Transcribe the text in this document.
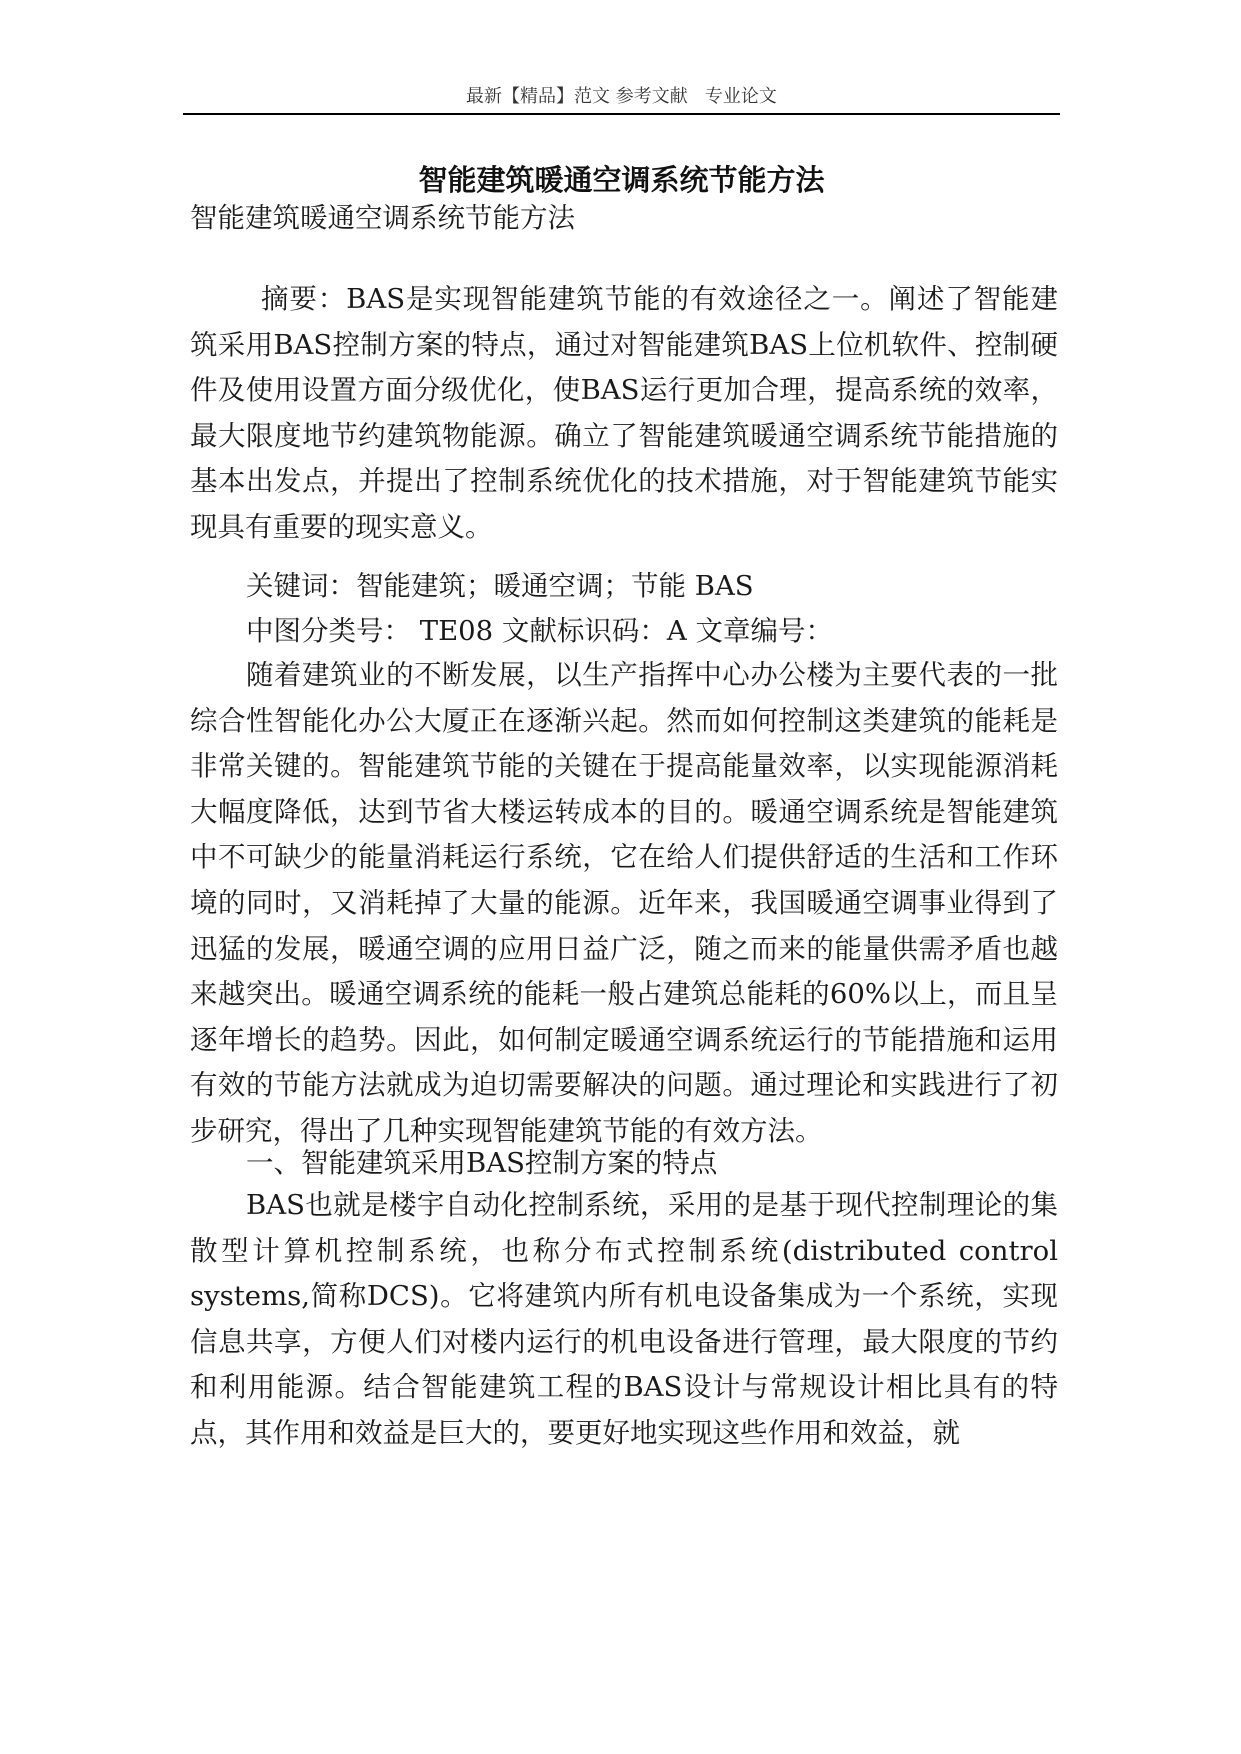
最新【精品】范文 参考文献   专业论文
智能建筑暖通空调系统节能方法
智能建筑暖通空调系统节能方法
摘要：BAS是实现智能建筑节能的有效途径之一。阐述了智能建筑采用BAS控制方案的特点，通过对智能建筑BAS上位机软件、控制硬件及使用设置方面分级优化，使BAS运行更加合理，提高系统的效率，最大限度地节约建筑物能源。确立了智能建筑暖通空调系统节能措施的基本出发点，并提出了控制系统优化的技术措施，对于智能建筑节能实现具有重要的现实意义。
关键词：智能建筑；暖通空调；节能 BAS
中图分类号： TE08 文献标识码：A 文章编号：
随着建筑业的不断发展，以生产指挥中心办公楼为主要代表的一批综合性智能化办公大厦正在逐渐兴起。然而如何控制这类建筑的能耗是非常关键的。智能建筑节能的关键在于提高能量效率，以实现能源消耗大幅度降低，达到节省大楼运转成本的目的。暖通空调系统是智能建筑中不可缺少的能量消耗运行系统，它在给人们提供舒适的生活和工作环境的同时，又消耗掉了大量的能源。近年来，我国暖通空调事业得到了迅猛的发展，暖通空调的应用日益广泛，随之而来的能量供需矛盾也越来越突出。暖通空调系统的能耗一般占建筑总能耗的60%以上，而且呈逐年增长的趋势。因此，如何制定暖通空调系统运行的节能措施和运用有效的节能方法就成为迫切需要解决的问题。通过理论和实践进行了初步研究，得出了几种实现智能建筑节能的有效方法。
一、智能建筑采用BAS控制方案的特点
BAS也就是楼宇自动化控制系统，采用的是基于现代控制理论的集散型计算机控制系统，也称分布式控制系统(distributed control systems,简称DCS)。它将建筑内所有机电设备集成为一个系统，实现信息共享，方便人们对楼内运行的机电设备进行管理，最大限度的节约和利用能源。结合智能建筑工程的BAS设计与常规设计相比具有的特点，其作用和效益是巨大的，要更好地实现这些作用和效益，就
